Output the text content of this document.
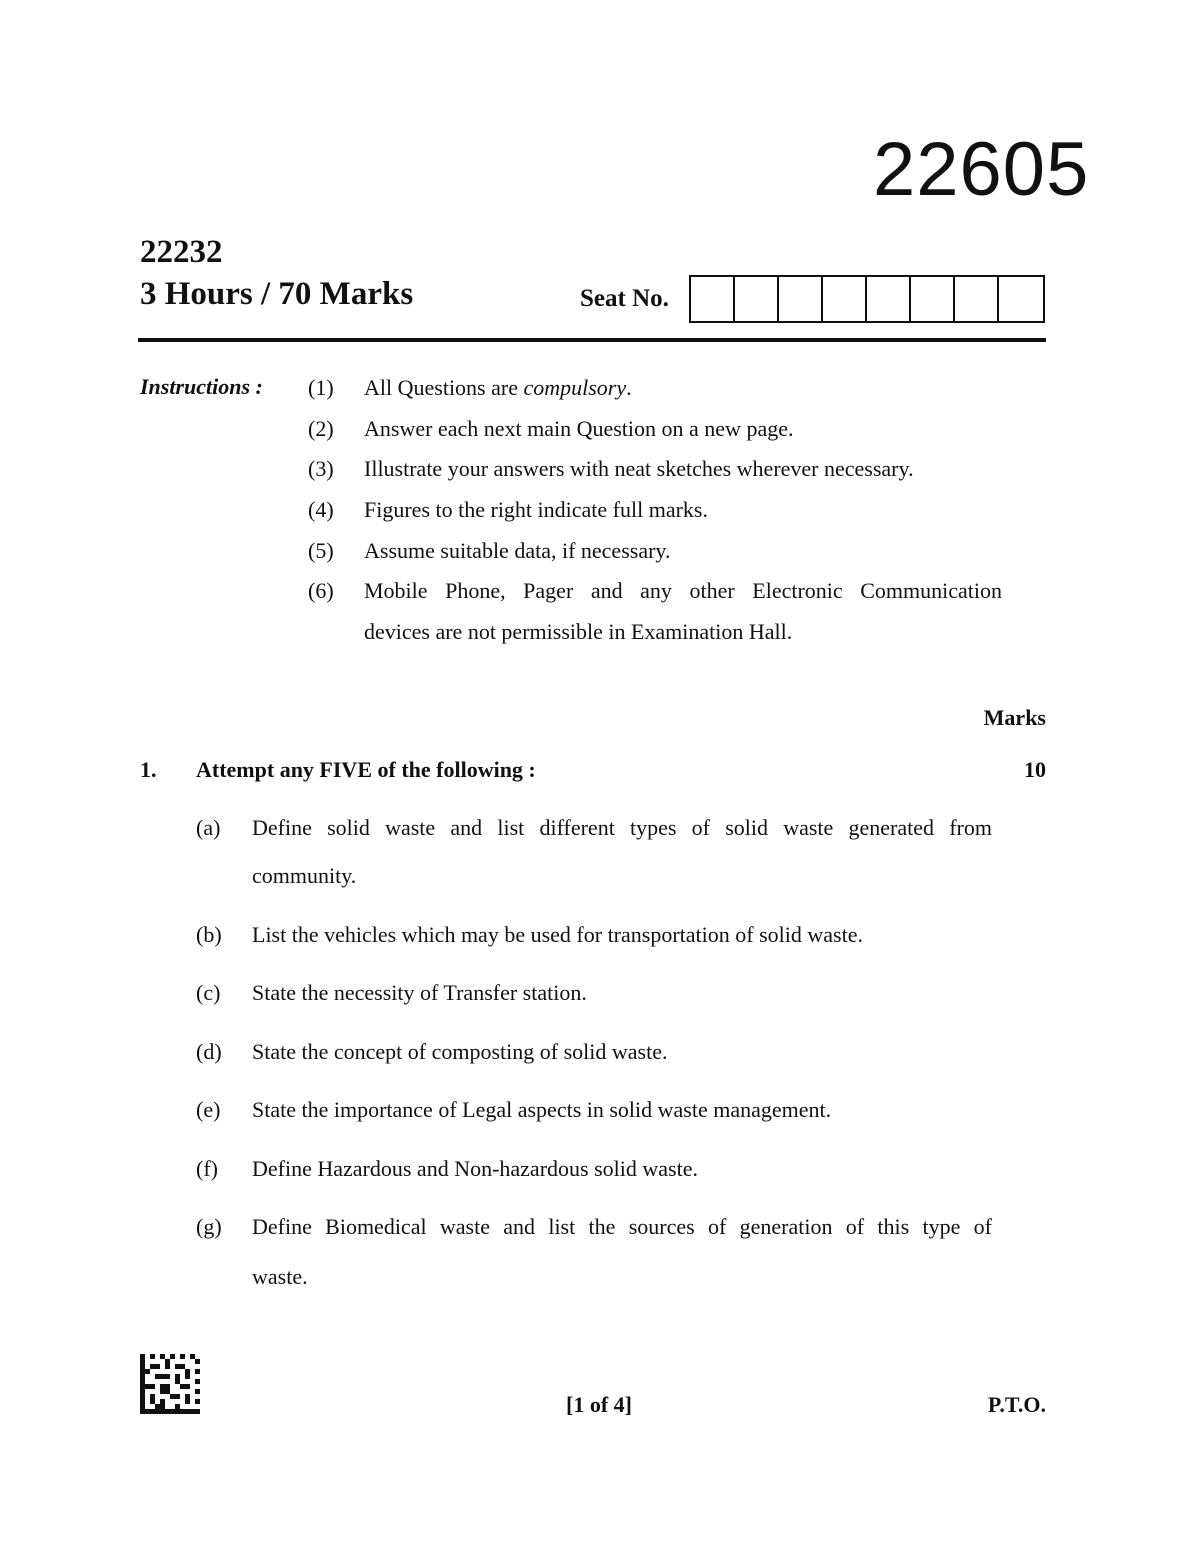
22605
22232
3 Hours / 70 Marks	Seat No.
Instructions : (1)	All Questions are compulsory.
(2)	Answer each next main Question on a new page.
(3)	Illustrate your answers with neat sketches wherever necessary.
(4)	Figures to the right indicate full marks.
(5)	Assume suitable data, if necessary.
(6)	Mobile Phone, Pager and any other Electronic Communication
devices are not permissible in Examination Hall.
Marks
1. Attempt any FIVE of the following :	10
(a) Define solid waste and list different types of solid waste generated from
community.
(b) List the vehicles which may be used for transportation of solid waste.
(c) State the necessity of Transfer station.
(d) State the concept of composting of solid waste.
(e) State the importance of Legal aspects in solid waste management.
(f) Define Hazardous and Non-hazardous solid waste.
(g) Define Biomedical waste and list the sources of generation of this type of
waste.
[1 of 4]	P.T.O.
